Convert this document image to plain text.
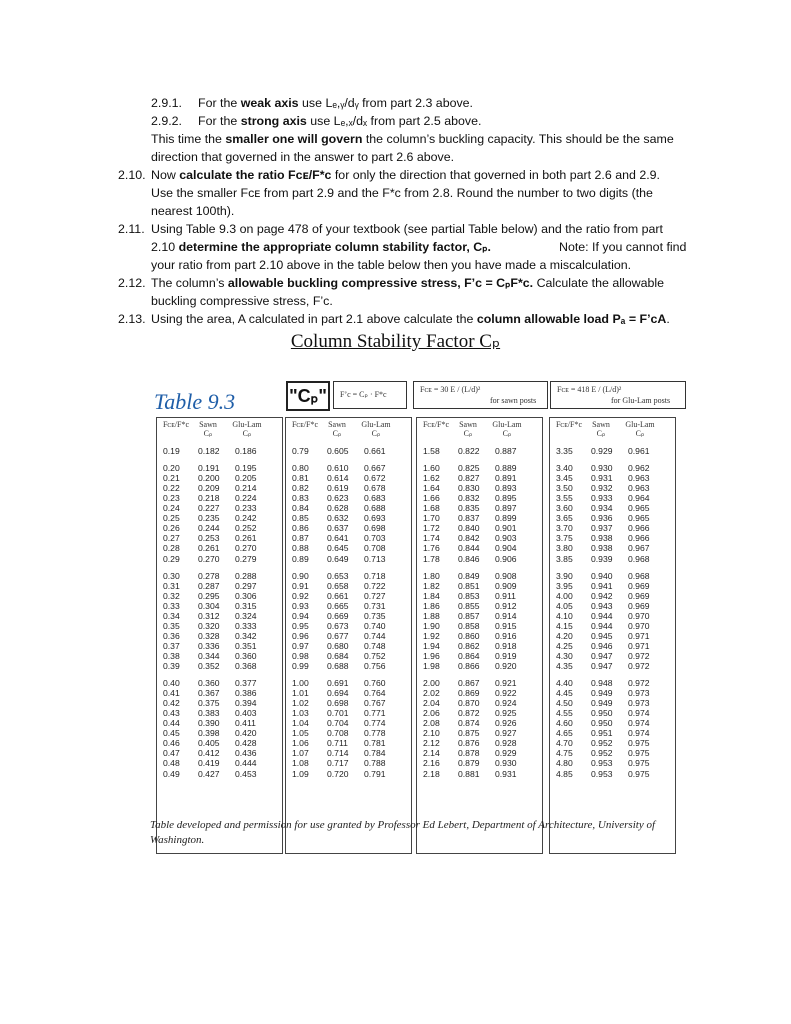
2.9.1. For the weak axis use Lₑ,ᵧ/dᵧ from part 2.3 above.
2.9.2. For the strong axis use Lₑ,ₓ/dₓ from part 2.5 above.
This time the smaller one will govern the column’s buckling capacity. This should be the same
direction that governed in the answer to part 2.6 above.
2.10. Now calculate the ratio Fᴄᴇ/F*ᴄ for only the direction that governed in both part 2.6 and 2.9.
Use the smaller Fᴄᴇ from part 2.9 and the F*ᴄ from 2.8. Round the number to two digits (the
nearest 100th).
2.11. Using Table 9.3 on page 478 of your textbook (see partial Table below) and the ratio from part
2.10 determine the appropriate column stability factor, Cₚ.	Note: If you cannot find
your ratio from part 2.10 above in the table below then you have made a miscalculation.
2.12. The column’s allowable buckling compressive stress, F’c = CₚF*c. Calculate the allowable
buckling compressive stress, F’c.
2.13. Using the area, A calculated in part 2.1 above calculate the column allowable load Pₐ = F’cA.
Column Stability Factor Cₚ
Table 9.3	"Cₚ"	F’c = Cₚ · F*c
Fᴄᴇ = 30 E / (L/d)²
for sawn posts
Fᴄᴇ = 418 E / (L/d)²
for Glu-Lam posts
Fᴄᴇ/F*c	Sawn	Glu-Lam
Cₚ	Cₚ
0.19 0.182 0.186
0.20 0.191 0.195
0.21 0.200 0.205
0.22 0.209 0.214
0.23 0.218 0.224
0.24 0.227 0.233
0.25 0.235 0.242
0.26 0.244 0.252
0.27 0.253 0.261
0.28 0.261 0.270
0.29 0.270 0.279
0.30 0.278 0.288
0.31 0.287 0.297
0.32 0.295 0.306
0.33 0.304 0.315
0.34 0.312 0.324
0.35 0.320 0.333
0.36 0.328 0.342
0.37 0.336 0.351
0.38 0.344 0.360
0.39 0.352 0.368
0.40 0.360 0.377
0.41 0.367 0.386
0.42 0.375 0.394
0.43 0.383 0.403
0.44 0.390 0.411
0.45 0.398 0.420
0.46 0.405 0.428
0.47 0.412 0.436
0.48 0.419 0.444
0.49 0.427 0.453
Fᴄᴇ/F*c	Sawn	Glu-Lam
Cₚ	Cₚ
0.79 0.605 0.661
0.80 0.610 0.667
0.81 0.614 0.672
0.82 0.619 0.678
0.83 0.623 0.683
0.84 0.628 0.688
0.85 0.632 0.693
0.86 0.637 0.698
0.87 0.641 0.703
0.88 0.645 0.708
0.89 0.649 0.713
0.90 0.653 0.718
0.91 0.658 0.722
0.92 0.661 0.727
0.93 0.665 0.731
0.94 0.669 0.735
0.95 0.673 0.740
0.96 0.677 0.744
0.97 0.680 0.748
0.98 0.684 0.752
0.99 0.688 0.756
1.00 0.691 0.760
1.01 0.694 0.764
1.02 0.698 0.767
1.03 0.701 0.771
1.04 0.704 0.774
1.05 0.708 0.778
1.06 0.711 0.781
1.07 0.714 0.784
1.08 0.717 0.788
1.09 0.720 0.791
Fᴄᴇ/F*c	Sawn	Glu-Lam
Cₚ	Cₚ
1.58 0.822 0.887
1.60 0.825 0.889
1.62 0.827 0.891
1.64 0.830 0.893
1.66 0.832 0.895
1.68 0.835 0.897
1.70 0.837 0.899
1.72 0.840 0.901
1.74 0.842 0.903
1.76 0.844 0.904
1.78 0.846 0.906
1.80 0.849 0.908
1.82 0.851 0.909
1.84 0.853 0.911
1.86 0.855 0.912
1.88 0.857 0.914
1.90 0.858 0.915
1.92 0.860 0.916
1.94 0.862 0.918
1.96 0.864 0.919
1.98 0.866 0.920
2.00 0.867 0.921
2.02 0.869 0.922
2.04 0.870 0.924
2.06 0.872 0.925
2.08 0.874 0.926
2.10 0.875 0.927
2.12 0.876 0.928
2.14 0.878 0.929
2.16 0.879 0.930
2.18 0.881 0.931
Fᴄᴇ/F*c	Sawn	Glu-Lam
Cₚ	Cₚ
3.35 0.929 0.961
3.40 0.930 0.962
3.45 0.931 0.963
3.50 0.932 0.963
3.55 0.933 0.964
3.60 0.934 0.965
3.65 0.936 0.965
3.70 0.937 0.966
3.75 0.938 0.966
3.80 0.938 0.967
3.85 0.939 0.968
3.90 0.940 0.968
3.95 0.941 0.969
4.00 0.942 0.969
4.05 0.943 0.969
4.10 0.944 0.970
4.15 0.944 0.970
4.20 0.945 0.971
4.25 0.946 0.971
4.30 0.947 0.972
4.35 0.947 0.972
4.40 0.948 0.972
4.45 0.949 0.973
4.50 0.949 0.973
4.55 0.950 0.974
4.60 0.950 0.974
4.65 0.951 0.974
4.70 0.952 0.975
4.75 0.952 0.975
4.80 0.953 0.975
4.85 0.953 0.975
Table developed and permission for use granted by Professor Ed Lebert, Department of Architecture, University of Washington.
